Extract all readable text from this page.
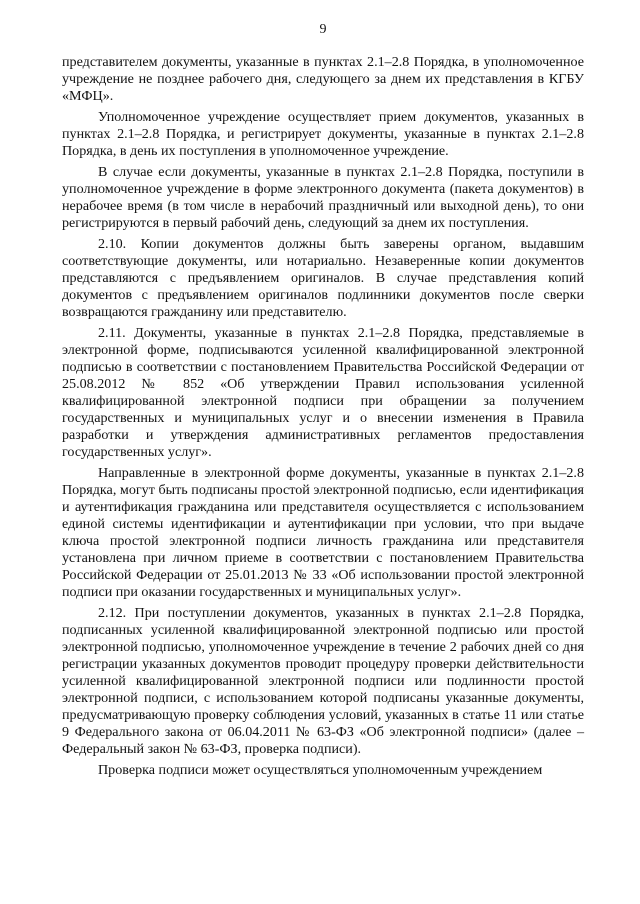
9

представителем документы, указанные в пунктах 2.1–2.8 Порядка, в уполномоченное учреждение не позднее рабочего дня, следующего за днем их представления в КГБУ «МФЦ».

Уполномоченное учреждение осуществляет прием документов, указанных в пунктах 2.1–2.8 Порядка, и регистрирует документы, указанные в пунктах 2.1–2.8 Порядка, в день их поступления в уполномоченное учреждение.

В случае если документы, указанные в пунктах 2.1–2.8 Порядка, поступили в уполномоченное учреждение в форме электронного документа (пакета документов) в нерабочее время (в том числе в нерабочий праздничный или выходной день), то они регистрируются в первый рабочий день, следующий за днем их поступления.

2.10. Копии документов должны быть заверены органом, выдавшим соответствующие документы, или нотариально. Незаверенные копии документов представляются с предъявлением оригиналов. В случае представления копий документов с предъявлением оригиналов подлинники документов после сверки возвращаются гражданину или представителю.

2.11. Документы, указанные в пунктах 2.1–2.8 Порядка, представляемые в электронной форме, подписываются усиленной квалифицированной электронной подписью в соответствии с постановлением Правительства Российской Федерации от 25.08.2012 № 852 «Об утверждении Правил использования усиленной квалифицированной электронной подписи при обращении за получением государственных и муниципальных услуг и о внесении изменения в Правила разработки и утверждения административных регламентов предоставления государственных услуг».

Направленные в электронной форме документы, указанные в пунктах 2.1–2.8 Порядка, могут быть подписаны простой электронной подписью, если идентификация и аутентификация гражданина или представителя осуществляется с использованием единой системы идентификации и аутентификации при условии, что при выдаче ключа простой электронной подписи личность гражданина или представителя установлена при личном приеме в соответствии с постановлением Правительства Российской Федерации от 25.01.2013 № 33 «Об использовании простой электронной подписи при оказании государственных и муниципальных услуг».

2.12. При поступлении документов, указанных в пунктах 2.1–2.8 Порядка, подписанных усиленной квалифицированной электронной подписью или простой электронной подписью, уполномоченное учреждение в течение 2 рабочих дней со дня регистрации указанных документов проводит процедуру проверки действительности усиленной квалифицированной электронной подписи или подлинности простой электронной подписи, с использованием которой подписаны указанные документы, предусматривающую проверку соблюдения условий, указанных в статье 11 или статье 9 Федерального закона от 06.04.2011 № 63-ФЗ «Об электронной подписи» (далее – Федеральный закон № 63-ФЗ, проверка подписи).

Проверка подписи может осуществляться уполномоченным учреждением
